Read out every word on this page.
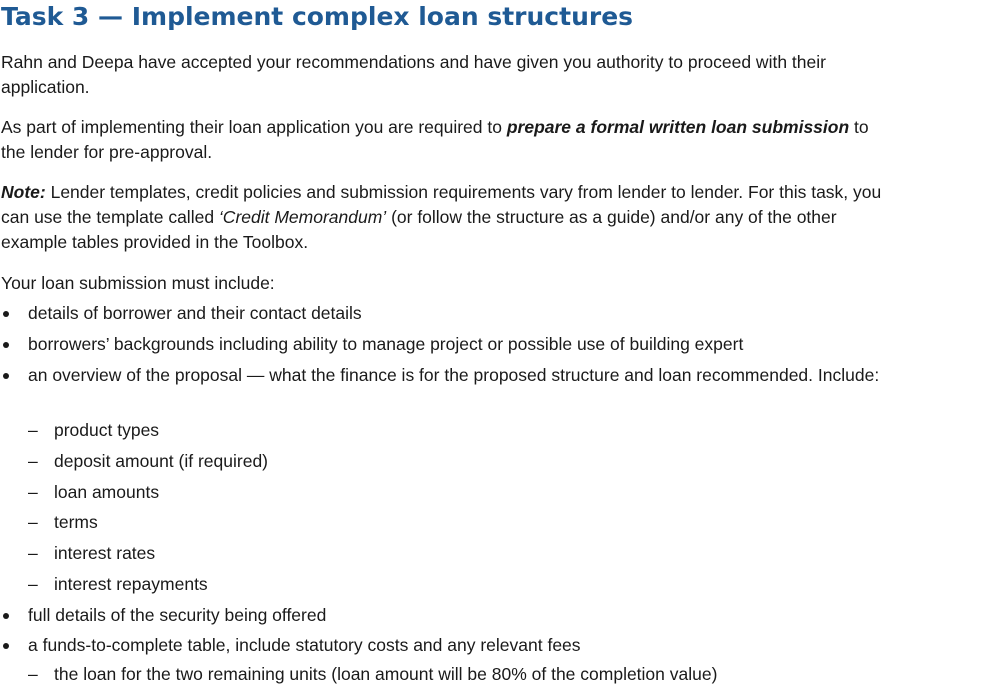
Task 3 — Implement complex loan structures

Rahn and Deepa have accepted your recommendations and have given you authority to proceed with their application.

As part of implementing their loan application you are required to prepare a formal written loan submission to the lender for pre-approval.

Note: Lender templates, credit policies and submission requirements vary from lender to lender. For this task, you can use the template called ‘Credit Memorandum’ (or follow the structure as a guide) and/or any of the other example tables provided in the Toolbox.

Your loan submission must include:

details of borrower and their contact details
borrowers’ backgrounds including ability to manage project or possible use of building expert
an overview of the proposal — what the finance is for the proposed structure and loan recommended. Include:
– product types
– deposit amount (if required)
– loan amounts
– terms
– interest rates
– interest repayments
full details of the security being offered
a funds-to-complete table, include statutory costs and any relevant fees
– the loan for the two remaining units (loan amount will be 80% of the completion value)
